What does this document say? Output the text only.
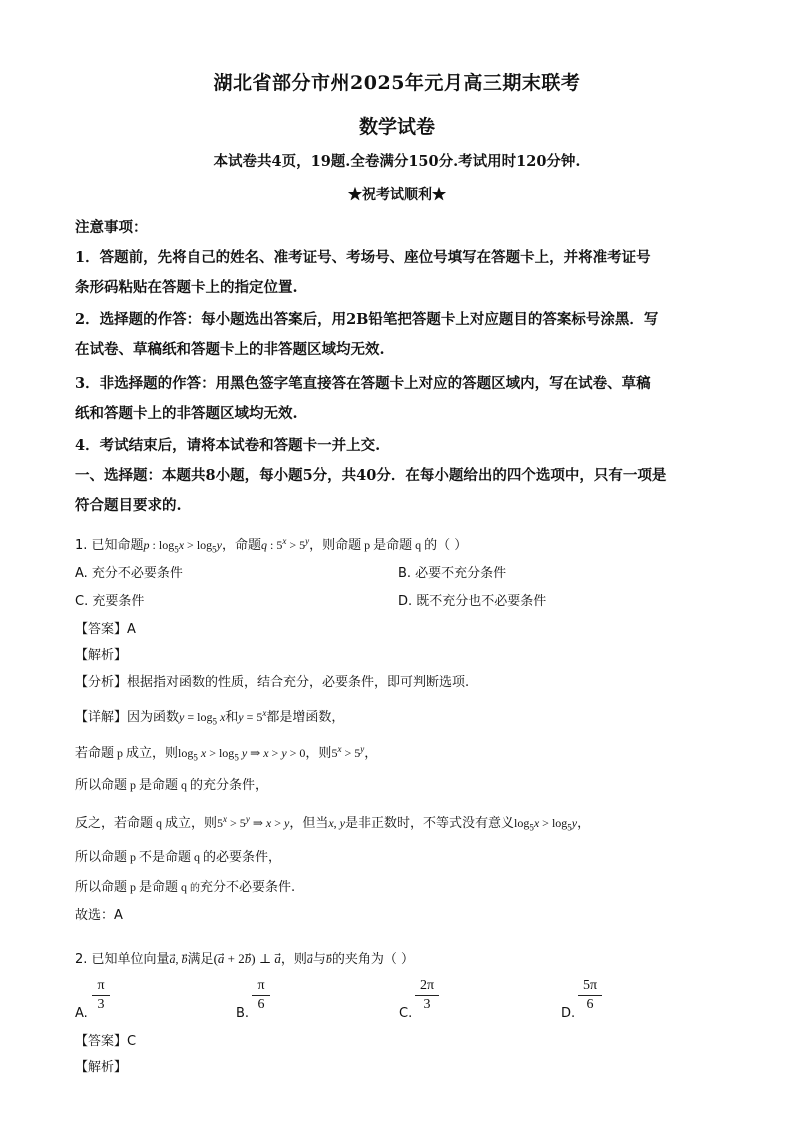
湖北省部分市州2025年元月高三期末联考
数学试卷
本试卷共4页，19题.全卷满分150分.考试用时120分钟.
★祝考试顺利★
注意事项：
1．答题前，先将自己的姓名、准考证号、考场号、座位号填写在答题卡上，并将准考证号
条形码粘贴在答题卡上的指定位置.
2．选择题的作答：每小题选出答案后，用2B铅笔把答题卡上对应题目的答案标号涂黑．写
在试卷、草稿纸和答题卡上的非答题区域均无效.
3．非选择题的作答：用黑色签字笔直接答在答题卡上对应的答题区域内，写在试卷、草稿
纸和答题卡上的非答题区域均无效.
4．考试结束后，请将本试卷和答题卡一并上交.
一、选择题：本题共8小题，每小题5分，共40分．在每小题给出的四个选项中，只有一项是
符合题目要求的.
1. 已知命题p : $\log_5x > \log_5y$，命题q : $5^x > 5^y$，则命题 p 是命题 q 的（ ）
A. 充分不必要条件	B. 必要不充分条件
C. 充要条件	D. 既不充分也不必要条件
【答案】A
【解析】
【分析】根据指对函数的性质，结合充分，必要条件，即可判断选项.
【详解】因为函数$y = \log_5 x$和$y = 5^x$都是增函数，
若命题 p 成立，则$\log_5 x > \log_5 y$ ⇒ x > y > 0，则$5^x > 5^y$，
所以命题 p 是命题 q 的充分条件，
反之，若命题 q 成立，则$5^x > 5^y$ ⇒ x > y，但当x, y是非正数时，不等式没有意义$\log_5x > \log_5y$，
所以命题 p 不是命题 q 的必要条件，
所以命题 p 是命题 q 的充分不必要条件.
故选：A
2. 已知单位向量a⃗, b满足(a⃗ + 2b⃗) ⊥ a，则a与b的夹角为（ ）
A.
π
3
B.
π
6
C.
2π
3
D.
5π
6
【答案】C
【解析】
